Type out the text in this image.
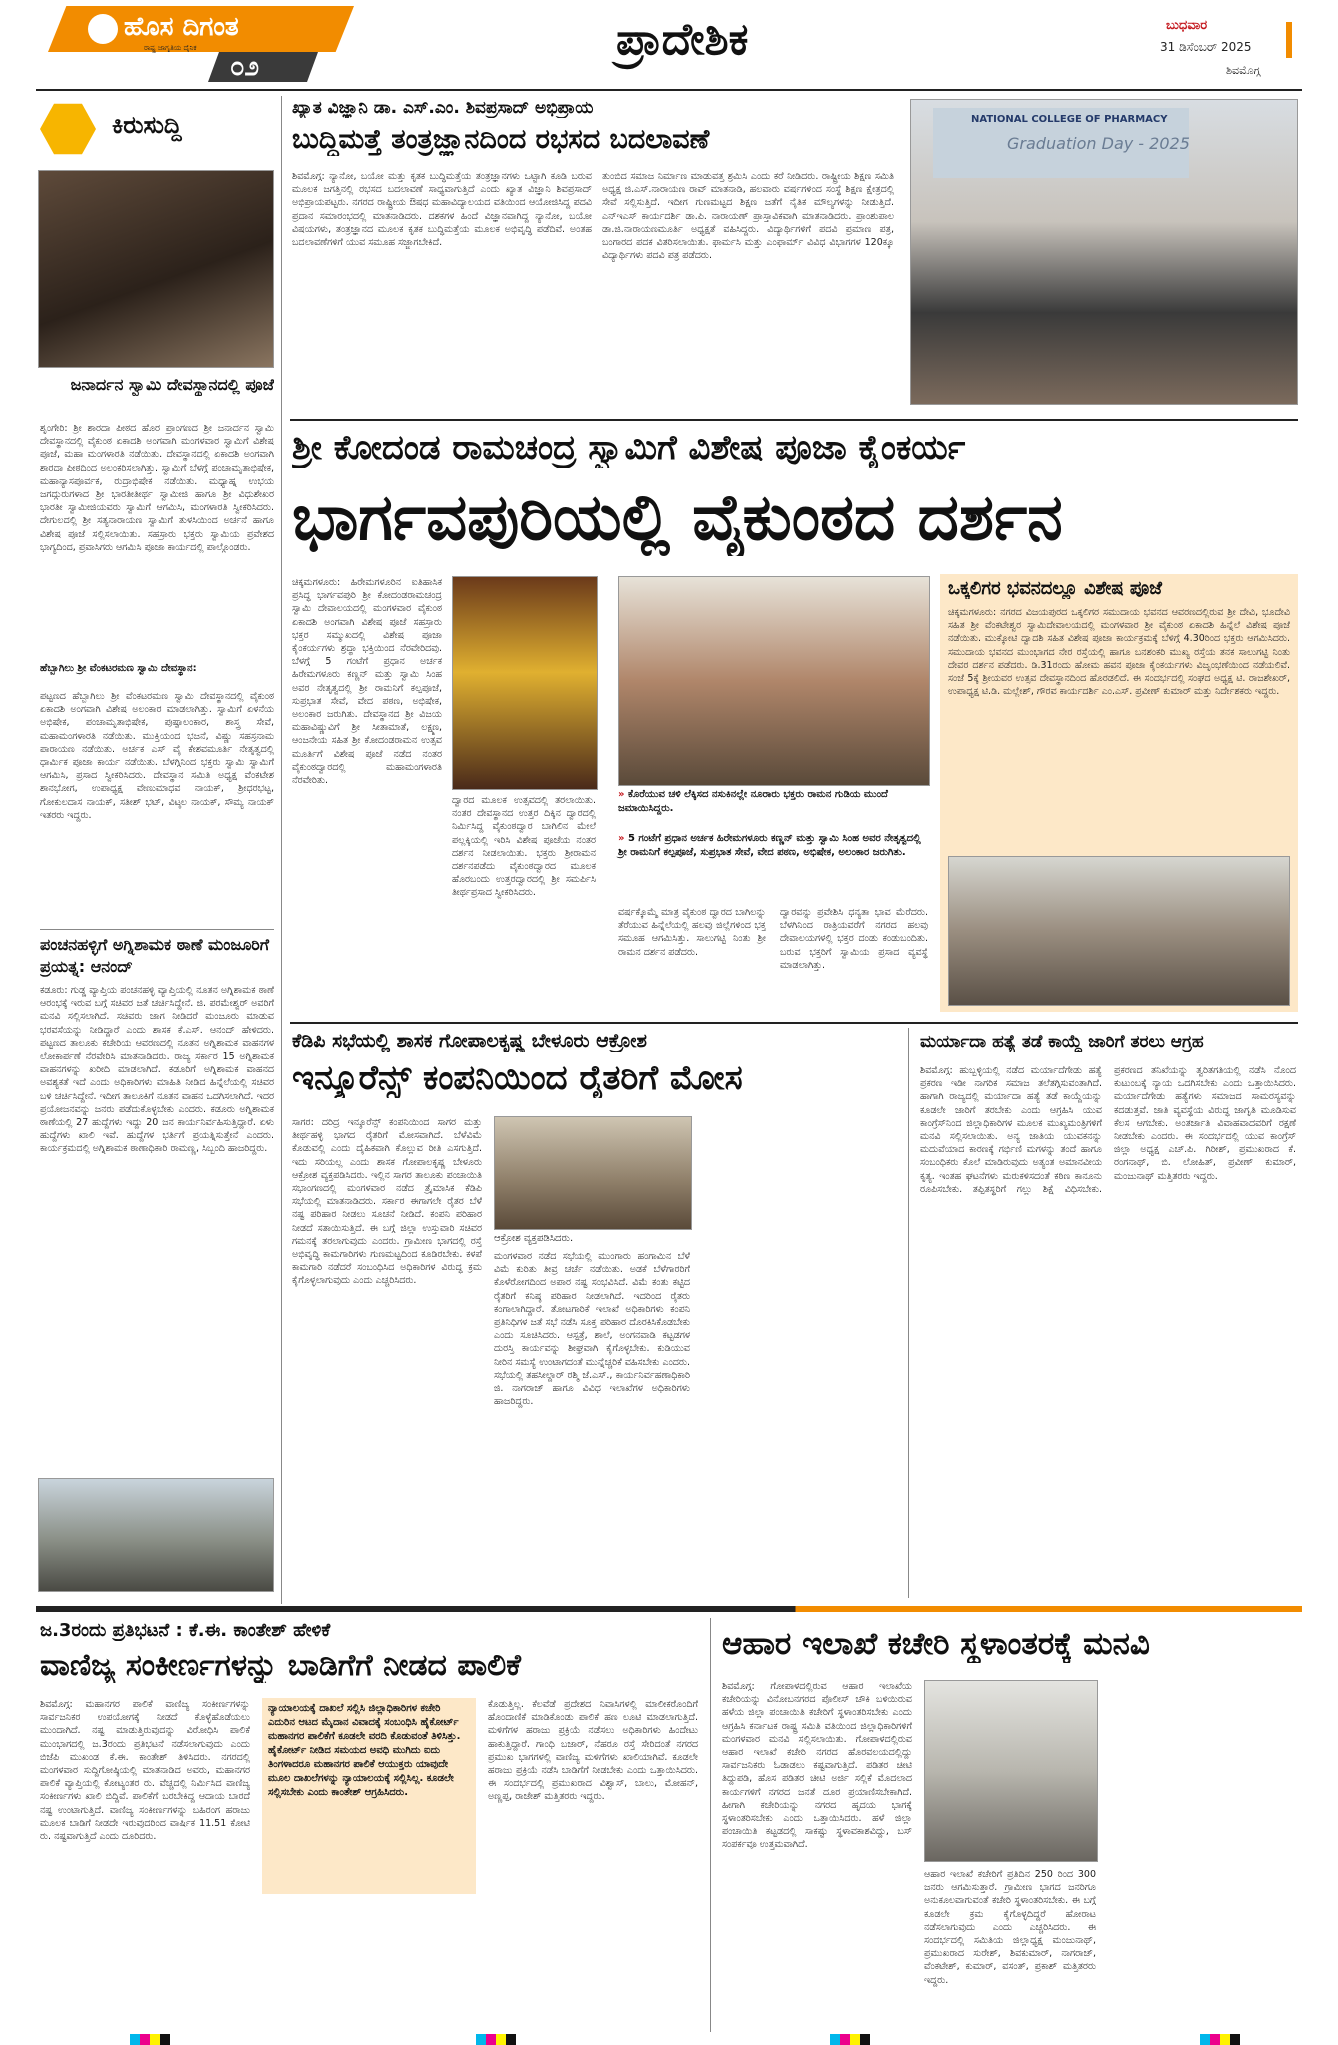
ಹೊಸ ದಿಗಂತ
ರಾಷ್ಟ್ರ ಜಾಗೃತಿಯ ದೈನಿಕ
೦೨
ಪ್ರಾದೇಶಿಕ	ಬುಧವಾರ
31 ಡಿಸೆಂಬರ್ 2025
ಶಿವಮೊಗ್ಗ
ಕಿರುಸುದ್ದಿ
ಜನಾರ್ದನ ಸ್ವಾಮಿ ದೇವಸ್ಥಾನದಲ್ಲಿ ಪೂಜೆ
ಶೃಂಗೇರಿ: ಶ್ರೀ ಶಾರದಾ ಪೀಠದ ಹೊರ ಪ್ರಾಂಗಣದ ಶ್ರೀ ಜನಾರ್ದನ ಸ್ವಾಮಿ ದೇವಸ್ಥಾನದಲ್ಲಿ ವೈಕುಂಠ ಏಕಾದಶಿ ಅಂಗವಾಗಿ ಮಂಗಳವಾರ ಸ್ವಾಮಿಗೆ ವಿಶೇಷ ಪೂಜೆ, ಮಹಾ ಮಂಗಳಾರತಿ ನಡೆಯಿತು. ದೇವಸ್ಥಾನದಲ್ಲಿ ಏಕಾದಶಿ ಅಂಗವಾಗಿ ಶಾರದಾ ಪೀಠದಿಂದ ಅಲಂಕರಿಸಲಾಗಿತ್ತು. ಸ್ವಾಮಿಗೆ ಬೆಳಗ್ಗೆ ಪಂಚಾಮೃತಾಭಿಷೇಕ, ಮಹಾನ್ಯಾಸಪೂರ್ವಕ, ರುದ್ರಾಭಿಷೇಕ ನಡೆಯಿತು. ಮಧ್ಯಾಹ್ನ ಉಭಯ ಜಗದ್ಗುರುಗಳಾದ ಶ್ರೀ ಭಾರತೀತೀರ್ಥ ಸ್ವಾಮೀಜಿ ಹಾಗೂ ಶ್ರೀ ವಿಧುಶೇಖರ ಭಾರತೀ ಸ್ವಾಮೀಜಿಯವರು ಸ್ವಾಮಿಗೆ ಆಗಮಿಸಿ, ಮಂಗಳಾರತಿ ಸ್ವೀಕರಿಸಿದರು. ದೇಗುಲದಲ್ಲಿ ಶ್ರೀ ಸತ್ಯನಾರಾಯಣ ಸ್ವಾಮಿಗೆ ತುಳಸಿಯಿಂದ ಅರ್ಚನೆ ಹಾಗೂ ವಿಶೇಷ ಪೂಜೆ ಸಲ್ಲಿಸಲಾಯಿತು. ಸಹಸ್ರಾರು ಭಕ್ತರು ಸ್ವಾಮಿಯ ಪ್ರವೇಶದ ಭಾಗ್ಯದಿಂದ, ಪ್ರವಾಸಿಗರು ಆಗಮಿಸಿ ಪೂಜಾ ಕಾರ್ಯದಲ್ಲಿ ಪಾಲ್ಗೊಂಡರು.
ಹೆಬ್ಬಾಗಿಲು ಶ್ರೀ ವೆಂಕಟರಮಣ ಸ್ವಾಮಿ ದೇವಸ್ಥಾನ:
ಪಟ್ಟಣದ ಹೆಬ್ಬಾಗಿಲು ಶ್ರೀ ವೆಂಕಟರಮಣ ಸ್ವಾಮಿ ದೇವಸ್ಥಾನದಲ್ಲಿ ವೈಕುಂಠ ಏಕಾದಶಿ ಅಂಗವಾಗಿ ವಿಶೇಷ ಅಲಂಕಾರ ಮಾಡಲಾಗಿತ್ತು. ಸ್ವಾಮಿಗೆ ಏಳನೆಯ ಅಭಿಷೇಕ, ಪಂಚಾಮೃತಾಭಿಷೇಕ, ಪುಷ್ಪಾಲಂಕಾರ, ಶಾಸ್ತ್ರ ಸೇವೆ, ಮಹಾಮಂಗಳಾರತಿ ನಡೆಯಿತು. ಮುಕ್ತಿಯಂದ ಭಜನೆ, ವಿಷ್ಣು ಸಹಸ್ರನಾಮ ಪಾರಾಯಣ ನಡೆಯಿತು. ಅರ್ಚಕ ಎಸ್ ವೈ ಕೇಶವಮೂರ್ತಿ ನೇತೃತ್ವದಲ್ಲಿ ಧಾರ್ಮಿಕ ಪೂಜಾ ಕಾರ್ಯ ನಡೆಯಿತು. ಬೆಳಗ್ಗಿನಿಂದ ಭಕ್ತರು ಸ್ವಾಮಿ ಸ್ವಾಮಿಗೆ ಆಗಮಿಸಿ, ಪ್ರಸಾದ ಸ್ವೀಕರಿಸಿದರು. ದೇವಸ್ಥಾನ ಸಮಿತಿ ಅಧ್ಯಕ್ಷ ವೆಂಕಟೇಶ ಶಾನಭೋಗ, ಉಪಾಧ್ಯಕ್ಷ ವೇಣುಮಾಧವ ನಾಯಕ್, ಶ್ರೀಧರಭಟ್ಟ, ಗೋಕುಲದಾಸ ನಾಯಕ್, ಸತೀಶ್ ಭಟ್, ವಿಟ್ಠಲ ನಾಯಕ್, ಸೌಮ್ಯ ನಾಯಕ್ ಇತರರು ಇದ್ದರು.
ಪಂಚನಹಳ್ಳಿಗೆ ಅಗ್ನಿಶಾಮಕ ಠಾಣೆ ಮಂಜೂರಿಗೆ ಪ್ರಯತ್ನ: ಆನಂದ್
ಕಡೂರು: ಗುಡ್ಡ ವ್ಯಾಪ್ತಿಯ ಪಂಚನಹಳ್ಳಿ ವ್ಯಾಪ್ತಿಯಲ್ಲಿ ನೂತನ ಅಗ್ನಿಶಾಮಕ ಠಾಣೆ ಆರಂಭಕ್ಕೆ ಇರುವ ಬಗ್ಗೆ ಸಚಿವರ ಜತೆ ಚರ್ಚಿಸಿದ್ದೇನೆ. ಜಿ. ಪರಮೇಶ್ವರ್ ಅವರಿಗೆ ಮನವಿ ಸಲ್ಲಿಸಲಾಗಿದೆ. ಸಚಿವರು ಜಾಗ ನೀಡಿದರೆ ಮಂಜೂರು ಮಾಡುವ ಭರವಸೆಯನ್ನು ನೀಡಿದ್ದಾರೆ ಎಂದು ಶಾಸಕ ಕೆ.ಎಸ್. ಆನಂದ್ ಹೇಳಿದರು. ಪಟ್ಟಣದ ತಾಲೂಕು ಕಚೇರಿಯ ಆವರಣದಲ್ಲಿ ನೂತನ ಅಗ್ನಿಶಾಮಕ ವಾಹನಗಳ ಲೋಕಾರ್ಪಣೆ ನೆರವೇರಿಸಿ ಮಾತನಾಡಿದರು. ರಾಜ್ಯ ಸರ್ಕಾರ 15 ಅಗ್ನಿಶಾಮಕ ವಾಹನಗಳನ್ನು ಖರೀದಿ ಮಾಡಲಾಗಿದೆ. ಕಡೂರಿಗೆ ಅಗ್ನಿಶಾಮಕ ವಾಹನದ ಅವಶ್ಯಕತೆ ಇದೆ ಎಂದು ಅಧಿಕಾರಿಗಳು ಮಾಹಿತಿ ನೀಡಿದ ಹಿನ್ನೆಲೆಯಲ್ಲಿ ಸಚಿವರ ಬಳಿ ಚರ್ಚಿಸಿದ್ದೇನೆ. ಇದೀಗ ತಾಲೂಕಿಗೆ ನೂತನ ವಾಹನ ಒದಗಿಸಲಾಗಿದೆ. ಇದರ ಪ್ರಯೋಜನವನ್ನು ಜನರು ಪಡೆದುಕೊಳ್ಳಬೇಕು ಎಂದರು. ಕಡೂರು ಅಗ್ನಿಶಾಮಕ ಠಾಣೆಯಲ್ಲಿ 27 ಹುದ್ದೆಗಳು ಇದ್ದು 20 ಜನ ಕಾರ್ಯನಿರ್ವಹಿಸುತ್ತಿದ್ದಾರೆ. ಏಳು ಹುದ್ದೆಗಳು ಖಾಲಿ ಇವೆ. ಹುದ್ದೆಗಳ ಭರ್ತಿಗೆ ಪ್ರಯತ್ನಿಸುತ್ತೇನೆ ಎಂದರು. ಕಾರ್ಯಕ್ರಮದಲ್ಲಿ ಅಗ್ನಿಶಾಮಕ ಠಾಣಾಧಿಕಾರಿ ರಾಮಣ್ಣ, ಸಿಬ್ಬಂದಿ ಹಾಜರಿದ್ದರು.
ಖ್ಯಾತ ವಿಜ್ಞಾನಿ ಡಾ. ಎಸ್.ಎಂ. ಶಿವಪ್ರಸಾದ್ ಅಭಿಪ್ರಾಯ
ಬುದ್ಧಿಮತ್ತೆ ತಂತ್ರಜ್ಞಾನದಿಂದ ರಭಸದ ಬದಲಾವಣೆ
ಶಿವಮೊಗ್ಗ: ನ್ಯಾನೋ, ಬಯೋ ಮತ್ತು ಕೃತಕ ಬುದ್ಧಿಮತ್ತೆಯ ತಂತ್ರಜ್ಞಾನಗಳು ಒಟ್ಟಾಗಿ ಕೂಡಿ ಬರುವ ಮೂಲಕ ಜಗತ್ತಿನಲ್ಲಿ ರಭಸದ ಬದಲಾವಣೆ ಸಾಧ್ಯವಾಗುತ್ತಿದೆ ಎಂದು ಖ್ಯಾತ ವಿಜ್ಞಾನಿ ಶಿವಪ್ರಸಾದ್ ಅಭಿಪ್ರಾಯಪಟ್ಟರು. ನಗರದ ರಾಷ್ಟ್ರೀಯ ಔಷಧ ಮಹಾವಿದ್ಯಾಲಯದ ವತಿಯಿಂದ ಆಯೋಜಿಸಿದ್ದ ಪದವಿ ಪ್ರದಾನ ಸಮಾರಂಭದಲ್ಲಿ ಮಾತನಾಡಿದರು. ದಶಕಗಳ ಹಿಂದೆ ವಿಜ್ಞಾನವಾಗಿದ್ದ ನ್ಯಾನೋ, ಬಯೋ ವಿಷಯಗಳು, ತಂತ್ರಜ್ಞಾನದ ಮೂಲಕ ಕೃತಕ ಬುದ್ಧಿಮತ್ತೆಯ ಮೂಲಕ ಅಭಿವೃದ್ಧಿ ಪಡೆದಿವೆ. ಅಂತಹ ಬದಲಾವಣೆಗಳಿಗೆ ಯುವ ಸಮೂಹ ಸಜ್ಜಾಗಬೇಕಿದೆ.
ತುಂಬಿದ ಸಮಾಜ ನಿರ್ಮಾಣ ಮಾಡುವತ್ತ ಶ್ರಮಿಸಿ ಎಂದು ಕರೆ ನೀಡಿದರು. ರಾಷ್ಟ್ರೀಯ ಶಿಕ್ಷಣ ಸಮಿತಿ ಅಧ್ಯಕ್ಷ ಜಿ.ಎಸ್.ನಾರಾಯಣ ರಾವ್ ಮಾತನಾಡಿ, ಹಲವಾರು ವರ್ಷಗಳಿಂದ ಸಂಸ್ಥೆ ಶಿಕ್ಷಣ ಕ್ಷೇತ್ರದಲ್ಲಿ ಸೇವೆ ಸಲ್ಲಿಸುತ್ತಿದೆ. ಇದೀಗ ಗುಣಮಟ್ಟದ ಶಿಕ್ಷಣ ಜತೆಗೆ ನೈತಿಕ ಮೌಲ್ಯಗಳನ್ನು ನೀಡುತ್ತಿದೆ. ಎನ್‌ಇಎಸ್ ಕಾರ್ಯದರ್ಶಿ ಡಾ.ಪಿ. ನಾರಾಯಣ್ ಪ್ರಾಸ್ತಾವಿಕವಾಗಿ ಮಾತನಾಡಿದರು. ಪ್ರಾಂಶುಪಾಲ ಡಾ.ಜಿ.ನಾರಾಯಣಮೂರ್ತಿ ಅಧ್ಯಕ್ಷತೆ ವಹಿಸಿದ್ದರು. ವಿದ್ಯಾರ್ಥಿಗಳಿಗೆ ಪದವಿ ಪ್ರಮಾಣ ಪತ್ರ, ಬಂಗಾರದ ಪದಕ ವಿತರಿಸಲಾಯಿತು. ಫಾರ್ಮಸಿ ಮತ್ತು ಎಂಫಾರ್ಮ್ ವಿವಿಧ ವಿಭಾಗಗಳ 120ಕ್ಕೂ ವಿದ್ಯಾರ್ಥಿಗಳು ಪದವಿ ಪತ್ರ ಪಡೆದರು.
NATIONAL COLLEGE OF PHARMACY
Graduation Day - 2025
ಶ್ರೀ ಕೋದಂಡ ರಾಮಚಂದ್ರ ಸ್ವಾಮಿಗೆ ವಿಶೇಷ ಪೂಜಾ ಕೈಂಕರ್ಯ
ಭಾರ್ಗವಪುರಿಯಲ್ಲಿ ವೈಕುಂಠದ ದರ್ಶನ
ಚಿಕ್ಕಮಗಳೂರು: ಹಿರೇಮಗಳೂರಿನ ಐತಿಹಾಸಿಕ ಪ್ರಸಿದ್ಧ ಭಾರ್ಗವಪುರಿ ಶ್ರೀ ಕೋದಂಡರಾಮಚಂದ್ರ ಸ್ವಾಮಿ ದೇವಾಲಯದಲ್ಲಿ ಮಂಗಳವಾರ ವೈಕುಂಠ ಏಕಾದಶಿ ಅಂಗವಾಗಿ ವಿಶೇಷ ಪೂಜೆ ಸಹಸ್ರಾರು ಭಕ್ತರ ಸಮ್ಮುಖದಲ್ಲಿ ವಿಶೇಷ ಪೂಜಾ ಕೈಂಕರ್ಯಗಳು ಶ್ರದ್ಧಾ ಭಕ್ತಿಯಿಂದ ನೆರವೇರಿದವು. ಬೆಳಗ್ಗೆ 5 ಗಂಟೆಗೆ ಪ್ರಧಾನ ಅರ್ಚಕ ಹಿರೇಮಗಳೂರು ಕಣ್ಣನ್ ಮತ್ತು ಸ್ವಾಮಿ ಸಿಂಹ ಅವರ ನೇತೃತ್ವದಲ್ಲಿ ಶ್ರೀ ರಾಮನಿಗೆ ಕಲ್ಪಪೂಜೆ, ಸುಪ್ರಭಾತ ಸೇವೆ, ವೇದ ಪಠಣ, ಅಭಿಷೇಕ, ಅಲಂಕಾರ ಜರುಗಿತು. ದೇವಸ್ಥಾನದ ಶ್ರೀ ವಿಜಯ ಮಹಾವಿಷ್ಣುವಿಗೆ ಶ್ರೀ ಸೀತಾಮಾತೆ, ಲಕ್ಷ್ಮಣ, ಆಂಜನೇಯ ಸಹಿತ ಶ್ರೀ ಕೋದಂಡರಾಮನ ಉತ್ಸವ ಮೂರ್ತಿಗೆ ವಿಶೇಷ ಪೂಜೆ ನಡೆದ ನಂತರ ವೈಕುಂಠದ್ವಾರದಲ್ಲಿ ಮಹಾಮಂಗಳಾರತಿ ನೆರವೇರಿತು.
ದ್ವಾರದ ಮೂಲಕ ಉತ್ಸವದಲ್ಲಿ ತರಲಾಯಿತು. ನಂತರ ದೇವಸ್ಥಾನದ ಉತ್ತರ ದಿಕ್ಕಿನ ದ್ವಾರದಲ್ಲಿ ನಿರ್ಮಿಸಿದ್ದ ವೈಕುಂಠದ್ವಾರ ಬಾಗಿಲಿನ ಮೇಲೆ ಪಲ್ಲಕ್ಕಿಯಲ್ಲಿ ಇರಿಸಿ ವಿಶೇಷ ಪೂಜೆಯ ನಂತರ ದರ್ಶನ ನೀಡಲಾಯಿತು. ಭಕ್ತರು ಶ್ರೀರಾಮನ ದರ್ಶನಪಡೆದು ವೈಕುಂಠದ್ವಾರದ ಮೂಲಕ ಹೊರಬಂದು ಉತ್ತರದ್ವಾರದಲ್ಲಿ ಶ್ರೀ ಸಮರ್ಪಿಸಿ ತೀರ್ಥಪ್ರಸಾದ ಸ್ವೀಕರಿಸಿದರು.
» ಕೊರೆಯುವ ಚಳಿ ಲೆಕ್ಕಿಸದ ನಸುಕಿನಲ್ಲೇ ನೂರಾರು ಭಕ್ತರು ರಾಮನ ಗುಡಿಯ ಮುಂದೆ ಜಮಾಯಿಸಿದ್ದರು.
» 5 ಗಂಟೆಗೆ ಪ್ರಧಾನ ಅರ್ಚಕ ಹಿರೇಮಗಳೂರು ಕಣ್ಣನ್ ಮತ್ತು ಸ್ವಾಮಿ ಸಿಂಹ ಅವರ ನೇತೃತ್ವದಲ್ಲಿ ಶ್ರೀ ರಾಮನಿಗೆ ಕಲ್ಪಪೂಜೆ, ಸುಪ್ರಭಾತ ಸೇವೆ, ವೇದ ಪಠಣ, ಅಭಿಷೇಕ, ಅಲಂಕಾರ ಜರುಗಿತು.
ವರ್ಷಕ್ಕೊಮ್ಮೆ ಮಾತ್ರ ವೈಕುಂಠ ದ್ವಾರದ ಬಾಗಿಲನ್ನು ತೆರೆಯುವ ಹಿನ್ನೆಲೆಯಲ್ಲಿ ಹಲವು ಜಿಲ್ಲೆಗಳಿಂದ ಭಕ್ತ ಸಮೂಹ ಆಗಮಿಸಿತ್ತು. ಸಾಲುಗಟ್ಟಿ ನಿಂತು ಶ್ರೀ ರಾಮನ ದರ್ಶನ ಪಡೆದರು.
ದ್ವಾರವನ್ನು ಪ್ರವೇಶಿಸಿ ಧನ್ಯತಾ ಭಾವ ಮೆರೆದರು. ಬೆಳಗಿನಿಂದ ರಾತ್ರಿಯವರೆಗೆ ನಗರದ ಹಲವು ದೇವಾಲಯಗಳಲ್ಲಿ ಭಕ್ತರ ದಂಡು ಕಂಡುಬಂದಿತು. ಬರುವ ಭಕ್ತರಿಗೆ ಸ್ವಾಮಿಯ ಪ್ರಸಾದ ವ್ಯವಸ್ಥೆ ಮಾಡಲಾಗಿತ್ತು.
ಒಕ್ಕಲಿಗರ ಭವನದಲ್ಲೂ ವಿಶೇಷ ಪೂಜೆ
ಚಿಕ್ಕಮಗಳೂರು: ನಗರದ ವಿಜಯಪುರದ ಒಕ್ಕಲಿಗರ ಸಮುದಾಯ ಭವನದ ಆವರಣದಲ್ಲಿರುವ ಶ್ರೀ ದೇವಿ, ಭೂದೇವಿ ಸಹಿತ ಶ್ರೀ ವೆಂಕಟೇಶ್ವರ ಸ್ವಾಮಿದೇವಾಲಯದಲ್ಲಿ ಮಂಗಳವಾರ ಶ್ರೀ ವೈಕುಂಠ ಏಕಾದಶಿ ಹಿನ್ನೆಲೆ ವಿಶೇಷ ಪೂಜೆ ನಡೆಯಿತು. ಮುಕ್ಕೋಟಿ ದ್ವಾದಶಿ ಸಹಿತ ವಿಶೇಷ ಪೂಜಾ ಕಾರ್ಯಕ್ರಮಕ್ಕೆ ಬೆಳಿಗ್ಗೆ 4.30ರಿಂದ ಭಕ್ತರು ಆಗಮಿಸಿದರು. ಸಮುದಾಯ ಭವನದ ಮುಂಭಾಗದ ನೇರ ರಸ್ತೆಯಲ್ಲಿ ಹಾಗೂ ಬನಶಂಕರಿ ಮುಖ್ಯ ರಸ್ತೆಯ ತನಕ ಸಾಲುಗಟ್ಟಿ ನಿಂತು ದೇವರ ದರ್ಶನ ಪಡೆದರು. ಡಿ.31ರಂದು ಹೋಮ ಹವನ ಪೂಜಾ ಕೈಂಕರ್ಯಗಳು ವಿಜೃಂಭಣೆಯಿಂದ ನಡೆಯಲಿವೆ. ಸಂಜೆ 5ಕ್ಕೆ ಶ್ರೀಯವರ ಉತ್ಸವ ದೇವಸ್ಥಾನದಿಂದ ಹೊರಡಲಿದೆ. ಈ ಸಂದರ್ಭದಲ್ಲಿ ಸಂಘದ ಅಧ್ಯಕ್ಷ ಟಿ. ರಾಜಶೇಖರ್, ಉಪಾಧ್ಯಕ್ಷ ಟಿ.ಡಿ. ಮಲ್ಲೇಶ್, ಗೌರವ ಕಾರ್ಯದರ್ಶಿ ಎಂ.ಎಸ್. ಪ್ರವೀಣ್ ಕುಮಾರ್ ಮತ್ತು ನಿರ್ದೇಶಕರು ಇದ್ದರು.
ಕೆಡಿಪಿ ಸಭೆಯಲ್ಲಿ ಶಾಸಕ ಗೋಪಾಲಕೃಷ್ಣ ಬೇಳೂರು ಆಕ್ರೋಶ
ಇನ್ಶೂರೆನ್ಸ್ ಕಂಪನಿಯಿಂದ ರೈತರಿಗೆ ಮೋಸ
ಸಾಗರ: ದರಿದ್ರ ಇನ್ಶೂರೆನ್ಸ್ ಕಂಪನಿಯಿಂದ ಸಾಗರ ಮತ್ತು ತೀರ್ಥಹಳ್ಳಿ ಭಾಗದ ರೈತರಿಗೆ ಮೋಸವಾಗಿದೆ. ಬೆಳೆವಿಮೆ ಕೊಡುವಲ್ಲಿ ಎಂದು ದೈಹಿಕವಾಗಿ ಕೊಲ್ಲುವ ರೀತಿ ಎಸಗುತ್ತಿದೆ. ಇದು ಸರಿಯಲ್ಲ ಎಂದು ಶಾಸಕ ಗೋಪಾಲಕೃಷ್ಣ ಬೇಳೂರು ಆಕ್ರೋಶ ವ್ಯಕ್ತಪಡಿಸಿದರು. ಇಲ್ಲಿನ ಸಾಗರ ತಾಲೂಕು ಪಂಚಾಯಿತಿ ಸಭಾಂಗಣದಲ್ಲಿ ಮಂಗಳವಾರ ನಡೆದ ತ್ರೈಮಾಸಿಕ ಕೆಡಿಪಿ ಸಭೆಯಲ್ಲಿ ಮಾತನಾಡಿದರು. ಸರ್ಕಾರ ಈಗಾಗಲೇ ರೈತರ ಬೆಳೆ ನಷ್ಟ ಪರಿಹಾರ ನೀಡಲು ಸೂಚನೆ ನೀಡಿದೆ. ಕಂಪನಿ ಪರಿಹಾರ ನೀಡದೆ ಸತಾಯಿಸುತ್ತಿದೆ. ಈ ಬಗ್ಗೆ ಜಿಲ್ಲಾ ಉಸ್ತುವಾರಿ ಸಚಿವರ ಗಮನಕ್ಕೆ ತರಲಾಗುವುದು ಎಂದರು. ಗ್ರಾಮೀಣ ಭಾಗದಲ್ಲಿ ರಸ್ತೆ ಅಭಿವೃದ್ಧಿ ಕಾಮಗಾರಿಗಳು ಗುಣಮಟ್ಟದಿಂದ ಕೂಡಿರಬೇಕು. ಕಳಪೆ ಕಾಮಗಾರಿ ನಡೆದರೆ ಸಂಬಂಧಿಸಿದ ಅಧಿಕಾರಿಗಳ ವಿರುದ್ಧ ಕ್ರಮ ಕೈಗೊಳ್ಳಲಾಗುವುದು ಎಂದು ಎಚ್ಚರಿಸಿದರು.
ಆಕ್ರೋಶ ವ್ಯಕ್ತಪಡಿಸಿದರು.
ಮಂಗಳವಾರ ನಡೆದ ಸಭೆಯಲ್ಲಿ ಮುಂಗಾರು ಹಂಗಾಮಿನ ಬೆಳೆ ವಿಮೆ ಕುರಿತು ತೀವ್ರ ಚರ್ಚೆ ನಡೆಯಿತು. ಅಡಕೆ ಬೆಳೆಗಾರರಿಗೆ ಕೊಳೆರೋಗದಿಂದ ಅಪಾರ ನಷ್ಟ ಸಂಭವಿಸಿದೆ. ವಿಮೆ ಕಂತು ಕಟ್ಟಿದ ರೈತರಿಗೆ ಕನಿಷ್ಠ ಪರಿಹಾರ ನೀಡಲಾಗಿದೆ. ಇದರಿಂದ ರೈತರು ಕಂಗಾಲಾಗಿದ್ದಾರೆ. ತೋಟಗಾರಿಕೆ ಇಲಾಖೆ ಅಧಿಕಾರಿಗಳು ಕಂಪನಿ ಪ್ರತಿನಿಧಿಗಳ ಜತೆ ಸಭೆ ನಡೆಸಿ ಸೂಕ್ತ ಪರಿಹಾರ ದೊರಕಿಸಿಕೊಡಬೇಕು ಎಂದು ಸೂಚಿಸಿದರು. ಆಸ್ಪತ್ರೆ, ಶಾಲೆ, ಅಂಗನವಾಡಿ ಕಟ್ಟಡಗಳ ದುರಸ್ತಿ ಕಾರ್ಯವನ್ನು ಶೀಘ್ರವಾಗಿ ಕೈಗೊಳ್ಳಬೇಕು. ಕುಡಿಯುವ ನೀರಿನ ಸಮಸ್ಯೆ ಉಂಟಾಗದಂತೆ ಮುನ್ನೆಚ್ಚರಿಕೆ ವಹಿಸಬೇಕು ಎಂದರು. ಸಭೆಯಲ್ಲಿ ತಹಸೀಲ್ದಾರ್ ರಶ್ಮಿ ಜೆ.ಎಸ್., ಕಾರ್ಯನಿರ್ವಹಣಾಧಿಕಾರಿ ಜಿ. ನಾಗರಾಜ್ ಹಾಗೂ ವಿವಿಧ ಇಲಾಖೆಗಳ ಅಧಿಕಾರಿಗಳು ಹಾಜರಿದ್ದರು.
ಮರ್ಯಾದಾ ಹತ್ಯೆ ತಡೆ ಕಾಯ್ದೆ ಜಾರಿಗೆ ತರಲು ಆಗ್ರಹ
ಶಿವಮೊಗ್ಗ: ಹುಬ್ಬಳ್ಳಿಯಲ್ಲಿ ನಡೆದ ಮರ್ಯಾದೆಗೇಡು ಹತ್ಯೆ ಪ್ರಕರಣ ಇಡೀ ನಾಗರಿಕ ಸಮಾಜ ತಲೆತಗ್ಗಿಸುವಂತಾಗಿದೆ. ಹಾಗಾಗಿ ರಾಜ್ಯದಲ್ಲಿ ಮರ್ಯಾದಾ ಹತ್ಯೆ ತಡೆ ಕಾಯ್ದೆಯನ್ನು ಕೂಡಲೇ ಜಾರಿಗೆ ತರಬೇಕು ಎಂದು ಆಗ್ರಹಿಸಿ ಯುವ ಕಾಂಗ್ರೆಸ್‌ನಿಂದ ಜಿಲ್ಲಾಧಿಕಾರಿಗಳ ಮೂಲಕ ಮುಖ್ಯಮಂತ್ರಿಗಳಿಗೆ ಮನವಿ ಸಲ್ಲಿಸಲಾಯಿತು. ಅನ್ಯ ಜಾತಿಯ ಯುವಕನನ್ನು ಮದುವೆಯಾದ ಕಾರಣಕ್ಕೆ ಗರ್ಭಿಣಿ ಮಗಳನ್ನು ತಂದೆ ಹಾಗೂ ಸಂಬಂಧಿಕರು ಕೊಲೆ ಮಾಡಿರುವುದು ಅತ್ಯಂತ ಅಮಾನವೀಯ ಕೃತ್ಯ. ಇಂತಹ ಘಟನೆಗಳು ಮರುಕಳಿಸದಂತೆ ಕಠಿಣ ಕಾನೂನು ರೂಪಿಸಬೇಕು. ತಪ್ಪಿತಸ್ಥರಿಗೆ ಗಲ್ಲು ಶಿಕ್ಷೆ ವಿಧಿಸಬೇಕು. ಪ್ರಕರಣದ ತನಿಖೆಯನ್ನು ತ್ವರಿತಗತಿಯಲ್ಲಿ ನಡೆಸಿ ನೊಂದ ಕುಟುಂಬಕ್ಕೆ ನ್ಯಾಯ ಒದಗಿಸಬೇಕು ಎಂದು ಒತ್ತಾಯಿಸಿದರು. ಮರ್ಯಾದೆಗೇಡು ಹತ್ಯೆಗಳು ಸಮಾಜದ ಸಾಮರಸ್ಯವನ್ನು ಕದಡುತ್ತವೆ. ಜಾತಿ ವ್ಯವಸ್ಥೆಯ ವಿರುದ್ಧ ಜಾಗೃತಿ ಮೂಡಿಸುವ ಕೆಲಸ ಆಗಬೇಕು. ಅಂತರ್ಜಾತಿ ವಿವಾಹವಾದವರಿಗೆ ರಕ್ಷಣೆ ನೀಡಬೇಕು ಎಂದರು. ಈ ಸಂದರ್ಭದಲ್ಲಿ ಯುವ ಕಾಂಗ್ರೆಸ್ ಜಿಲ್ಲಾ ಅಧ್ಯಕ್ಷ ಎಚ್.ಪಿ. ಗಿರೀಶ್, ಪ್ರಮುಖರಾದ ಕೆ. ರಂಗನಾಥ್, ಬಿ. ಲೋಹಿತ್, ಪ್ರವೀಣ್ ಕುಮಾರ್, ಮಂಜುನಾಥ್ ಮತ್ತಿತರರು ಇದ್ದರು.
ಜ.3ರಂದು ಪ್ರತಿಭಟನೆ : ಕೆ.ಈ. ಕಾಂತೇಶ್ ಹೇಳಿಕೆ
ವಾಣಿಜ್ಯ ಸಂಕೀರ್ಣಗಳನ್ನು ಬಾಡಿಗೆಗೆ ನೀಡದ ಪಾಲಿಕೆ
ಶಿವಮೊಗ್ಗ: ಮಹಾನಗರ ಪಾಲಿಕೆ ವಾಣಿಜ್ಯ ಸಂಕೀರ್ಣಗಳನ್ನು ಸಾರ್ವಜನಿಕರ ಉಪಯೋಗಕ್ಕೆ ನೀಡದೆ ಕೊಳ್ಳೆಹೊಡೆಯಲು ಮುಂದಾಗಿದೆ. ನಷ್ಟ ಮಾಡುತ್ತಿರುವುದನ್ನು ವಿರೋಧಿಸಿ ಪಾಲಿಕೆ ಮುಂಭಾಗದಲ್ಲಿ ಜ.3ರಂದು ಪ್ರತಿಭಟನೆ ನಡೆಸಲಾಗುವುದು ಎಂದು ಬಿಜೆಪಿ ಮುಖಂಡ ಕೆ.ಈ. ಕಾಂತೇಶ್ ತಿಳಿಸಿದರು. ನಗರದಲ್ಲಿ ಮಂಗಳವಾರ ಸುದ್ದಿಗೋಷ್ಠಿಯಲ್ಲಿ ಮಾತನಾಡಿದ ಅವರು, ಮಹಾನಗರ ಪಾಲಿಕೆ ವ್ಯಾಪ್ತಿಯಲ್ಲಿ ಕೋಟ್ಯಂತರ ರು. ವೆಚ್ಚದಲ್ಲಿ ನಿರ್ಮಿಸಿದ ವಾಣಿಜ್ಯ ಸಂಕೀರ್ಣಗಳು ಖಾಲಿ ಬಿದ್ದಿವೆ. ಪಾಲಿಕೆಗೆ ಬರಬೇಕಿದ್ದ ಆದಾಯ ಬಾರದೆ ನಷ್ಟ ಉಂಟಾಗುತ್ತಿದೆ. ವಾಣಿಜ್ಯ ಸಂಕೀರ್ಣಗಳನ್ನು ಬಹಿರಂಗ ಹರಾಜು ಮೂಲಕ ಬಾಡಿಗೆ ನೀಡದೇ ಇರುವುದರಿಂದ ವಾರ್ಷಿಕ 11.51 ಕೋಟಿ ರು. ನಷ್ಟವಾಗುತ್ತಿದೆ ಎಂದು ದೂರಿದರು.
ನ್ಯಾಯಾಲಯಕ್ಕೆ ದಾಖಲೆ ಸಲ್ಲಿಸಿ ಜಿಲ್ಲಾಧಿಕಾರಿಗಳ ಕಚೇರಿ ಎದುರಿನ ಆಟದ ಮೈದಾನ ವಿವಾದಕ್ಕೆ ಸಂಬಂಧಿಸಿ ಹೈಕೋರ್ಟ್ ಮಹಾನಗರ ಪಾಲಿಕೆಗೆ ಕೂಡಲೇ ವರದಿ ಕೊಡುವಂತೆ ತಿಳಿಸಿತ್ತು. ಹೈಕೋರ್ಟ್ ನೀಡಿದ ಸಮಯದ ಅವಧಿ ಮುಗಿದು ಐದು ತಿಂಗಳಾದರೂ ಮಹಾನಗರ ಪಾಲಿಕೆ ಆಯುಕ್ತರು ಯಾವುದೇ ಮೂಲ ದಾಖಲೆಗಳನ್ನು ನ್ಯಾಯಾಲಯಕ್ಕೆ ಸಲ್ಲಿಸಿಲ್ಲ. ಕೂಡಲೇ ಸಲ್ಲಿಸಬೇಕು ಎಂದು ಕಾಂತೇಶ್ ಆಗ್ರಹಿಸಿದರು.
ಕೊಡುತ್ತಿಲ್ಲ. ಕೆಲವೆಡೆ ಪ್ರದೇಶದ ನಿವಾಸಿಗಳಲ್ಲಿ ಮಾಲೀಕರೊಂದಿಗೆ ಹೊಂದಾಣಿಕೆ ಮಾಡಿಕೊಂಡು ಪಾಲಿಕೆ ಹಣ ಲೂಟಿ ಮಾಡಲಾಗುತ್ತಿದೆ. ಮಳಿಗೆಗಳ ಹರಾಜು ಪ್ರಕ್ರಿಯೆ ನಡೆಸಲು ಅಧಿಕಾರಿಗಳು ಹಿಂದೇಟು ಹಾಕುತ್ತಿದ್ದಾರೆ. ಗಾಂಧಿ ಬಜಾರ್, ನೆಹರೂ ರಸ್ತೆ ಸೇರಿದಂತೆ ನಗರದ ಪ್ರಮುಖ ಭಾಗಗಳಲ್ಲಿ ವಾಣಿಜ್ಯ ಮಳಿಗೆಗಳು ಖಾಲಿಯಾಗಿವೆ. ಕೂಡಲೇ ಹರಾಜು ಪ್ರಕ್ರಿಯೆ ನಡೆಸಿ ಬಾಡಿಗೆಗೆ ನೀಡಬೇಕು ಎಂದು ಒತ್ತಾಯಿಸಿದರು. ಈ ಸಂದರ್ಭದಲ್ಲಿ ಪ್ರಮುಖರಾದ ವಿಶ್ವಾಸ್, ಬಾಲು, ಮೋಹನ್, ಅಣ್ಣಪ್ಪ, ರಾಜೇಶ್ ಮತ್ತಿತರರು ಇದ್ದರು.
ಆಹಾರ ಇಲಾಖೆ ಕಚೇರಿ ಸ್ಥಳಾಂತರಕ್ಕೆ ಮನವಿ
ಶಿವಮೊಗ್ಗ: ಗೋಪಾಳದಲ್ಲಿರುವ ಆಹಾರ ಇಲಾಖೆಯ ಕಚೇರಿಯನ್ನು ವಿನೋಬನಗರದ ಪೊಲೀಸ್ ಚೌಕಿ ಬಳಿಯಿರುವ ಹಳೆಯ ಜಿಲ್ಲಾ ಪಂಚಾಯಿತಿ ಕಚೇರಿಗೆ ಸ್ಥಳಾಂತರಿಸಬೇಕು ಎಂದು ಆಗ್ರಹಿಸಿ ಕರ್ನಾಟಕ ರಾಷ್ಟ್ರ ಸಮಿತಿ ವತಿಯಿಂದ ಜಿಲ್ಲಾಧಿಕಾರಿಗಳಿಗೆ ಮಂಗಳವಾರ ಮನವಿ ಸಲ್ಲಿಸಲಾಯಿತು. ಗೋಪಾಳದಲ್ಲಿರುವ ಆಹಾರ ಇಲಾಖೆ ಕಚೇರಿ ನಗರದ ಹೊರವಲಯದಲ್ಲಿದ್ದು ಸಾರ್ವಜನಿಕರು ಓಡಾಡಲು ಕಷ್ಟವಾಗುತ್ತಿದೆ. ಪಡಿತರ ಚೀಟಿ ತಿದ್ದುಪಡಿ, ಹೊಸ ಪಡಿತರ ಚೀಟಿ ಅರ್ಜಿ ಸಲ್ಲಿಕೆ ಮೊದಲಾದ ಕಾರ್ಯಗಳಿಗೆ ನಗರದ ಜನತೆ ದೂರ ಪ್ರಯಾಣಿಸಬೇಕಾಗಿದೆ. ಹೀಗಾಗಿ ಕಚೇರಿಯನ್ನು ನಗರದ ಹೃದಯ ಭಾಗಕ್ಕೆ ಸ್ಥಳಾಂತರಿಸಬೇಕು ಎಂದು ಒತ್ತಾಯಿಸಿದರು. ಹಳೆ ಜಿಲ್ಲಾ ಪಂಚಾಯಿತಿ ಕಟ್ಟಡದಲ್ಲಿ ಸಾಕಷ್ಟು ಸ್ಥಳಾವಕಾಶವಿದ್ದು, ಬಸ್ ಸಂಪರ್ಕವೂ ಉತ್ತಮವಾಗಿದೆ.
ಆಹಾರ ಇಲಾಖೆ ಕಚೇರಿಗೆ ಪ್ರತಿದಿನ 250 ರಿಂದ 300 ಜನರು ಆಗಮಿಸುತ್ತಾರೆ. ಗ್ರಾಮೀಣ ಭಾಗದ ಜನರಿಗೂ ಅನುಕೂಲವಾಗುವಂತೆ ಕಚೇರಿ ಸ್ಥಳಾಂತರಿಸಬೇಕು. ಈ ಬಗ್ಗೆ ಕೂಡಲೇ ಕ್ರಮ ಕೈಗೊಳ್ಳದಿದ್ದರೆ ಹೋರಾಟ ನಡೆಸಲಾಗುವುದು ಎಂದು ಎಚ್ಚರಿಸಿದರು. ಈ ಸಂದರ್ಭದಲ್ಲಿ ಸಮಿತಿಯ ಜಿಲ್ಲಾಧ್ಯಕ್ಷ ಮಂಜುನಾಥ್, ಪ್ರಮುಖರಾದ ಸುರೇಶ್, ಶಿವಕುಮಾರ್, ನಾಗರಾಜ್, ವೆಂಕಟೇಶ್, ಕುಮಾರ್, ವಸಂತ್, ಪ್ರಕಾಶ್ ಮತ್ತಿತರರು ಇದ್ದರು.
